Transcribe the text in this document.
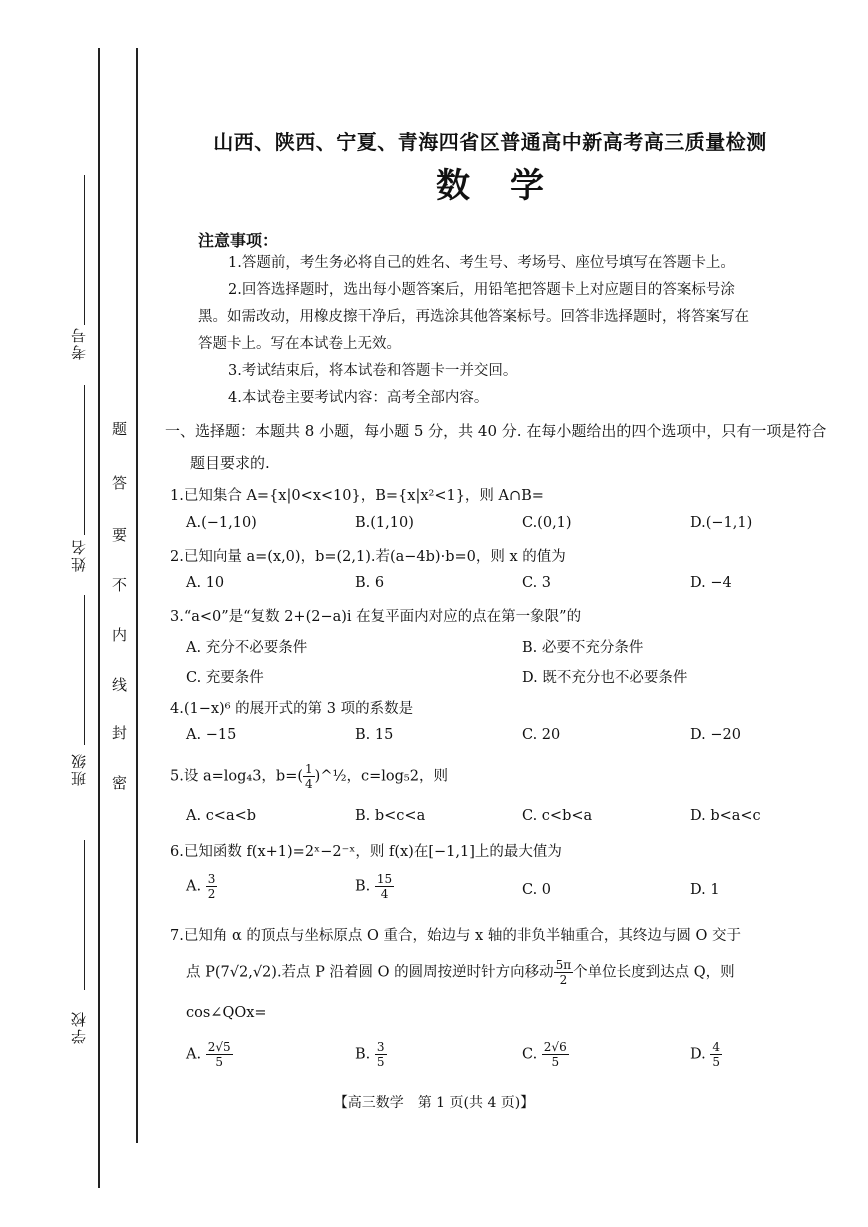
考号
姓名
班级
学校
题
答
要
不
内
线
封
密
山西、陕西、宁夏、青海四省区普通高中新高考高三质量检测
数学
注意事项：
1.答题前，考生务必将自己的姓名、考生号、考场号、座位号填写在答题卡上。
2.回答选择题时，选出每小题答案后，用铅笔把答题卡上对应题目的答案标号涂
黑。如需改动，用橡皮擦干净后，再选涂其他答案标号。回答非选择题时，将答案写在
答题卡上。写在本试卷上无效。
3.考试结束后，将本试卷和答题卡一并交回。
4.本试卷主要考试内容：高考全部内容。
一、选择题：本题共 8 小题，每小题 5 分，共 40 分. 在每小题给出的四个选项中，只有一项是符合
题目要求的.
1.已知集合 A={x|0<x<10}，B={x|x²<1}，则 A∩B=
A.(−1,10)	B.(1,10)	C.(0,1)	D.(−1,1)
2.已知向量 a=(x,0)，b=(2,1).若(a−4b)·b=0，则 x 的值为
A. 10	B. 6	C. 3	D. −4
3.“a<0”是“复数 2+(2−a)i 在复平面内对应的点在第一象限”的
A. 充分不必要条件	B. 必要不充分条件
C. 充要条件	D. 既不充分也不必要条件
4.(1−x)⁶ 的展开式的第 3 项的系数是
A. −15	B. 15	C. 20	D. −20
5.设 a=log₄3，$b=( \frac{1}{4}$ )^½，c=log₅2，则
A. c<a<b	B. b<c<a	C. c<b<a	D. b<a<c
6.已知函数 f(x+1)=2ˣ−2⁻ˣ，则 f(x)在[−1,1]上的最大值为
A. $\frac{3}{2}$	B. $\frac{15}{4}$	C. 0	D. 1
7.已知角 α 的顶点与坐标原点 O 重合，始边与 x 轴的非负半轴重合，其终边与圆 O 交于
点 P(7√2,√2).若点 P 沿着圆 O 的圆周按逆时针方向移动 $\frac{5\pi}{2}$ 个单位长度到达点 Q，则
cos∠QOx=
A. $\frac{2√5}{5}$	B. $\frac{3}{5}$	C. $\frac{2√6}{5}$	D. $\frac{4}{5}$
【高三数学　第 1 页(共 4 页)】
